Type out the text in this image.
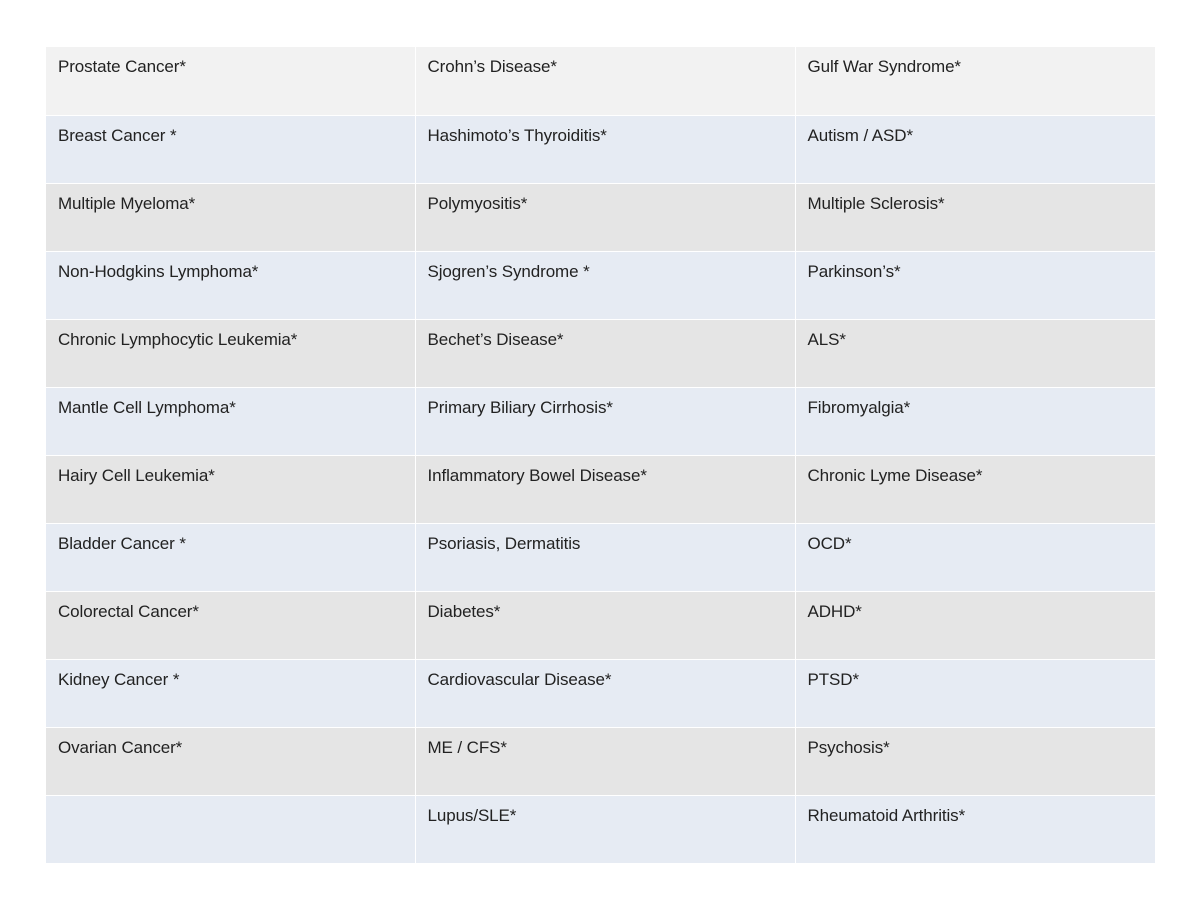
Prostate Cancer*	Crohn’s Disease*	Gulf War Syndrome*
Breast Cancer *	Hashimoto’s Thyroiditis*	Autism / ASD*
Multiple Myeloma*	Polymyositis*	Multiple Sclerosis*
Non-Hodgkins Lymphoma*	Sjogren’s Syndrome *	Parkinson’s*
Chronic Lymphocytic Leukemia*	Bechet’s Disease*	ALS*
Mantle Cell Lymphoma*	Primary Biliary Cirrhosis*	Fibromyalgia*
Hairy Cell Leukemia*	Inflammatory Bowel Disease*	Chronic Lyme Disease*
Bladder Cancer *	Psoriasis, Dermatitis	OCD*
Colorectal Cancer*	Diabetes*	ADHD*
Kidney Cancer *	Cardiovascular Disease*	PTSD*
Ovarian Cancer*	ME / CFS*	Psychosis*
	Lupus/SLE*	Rheumatoid Arthritis*
